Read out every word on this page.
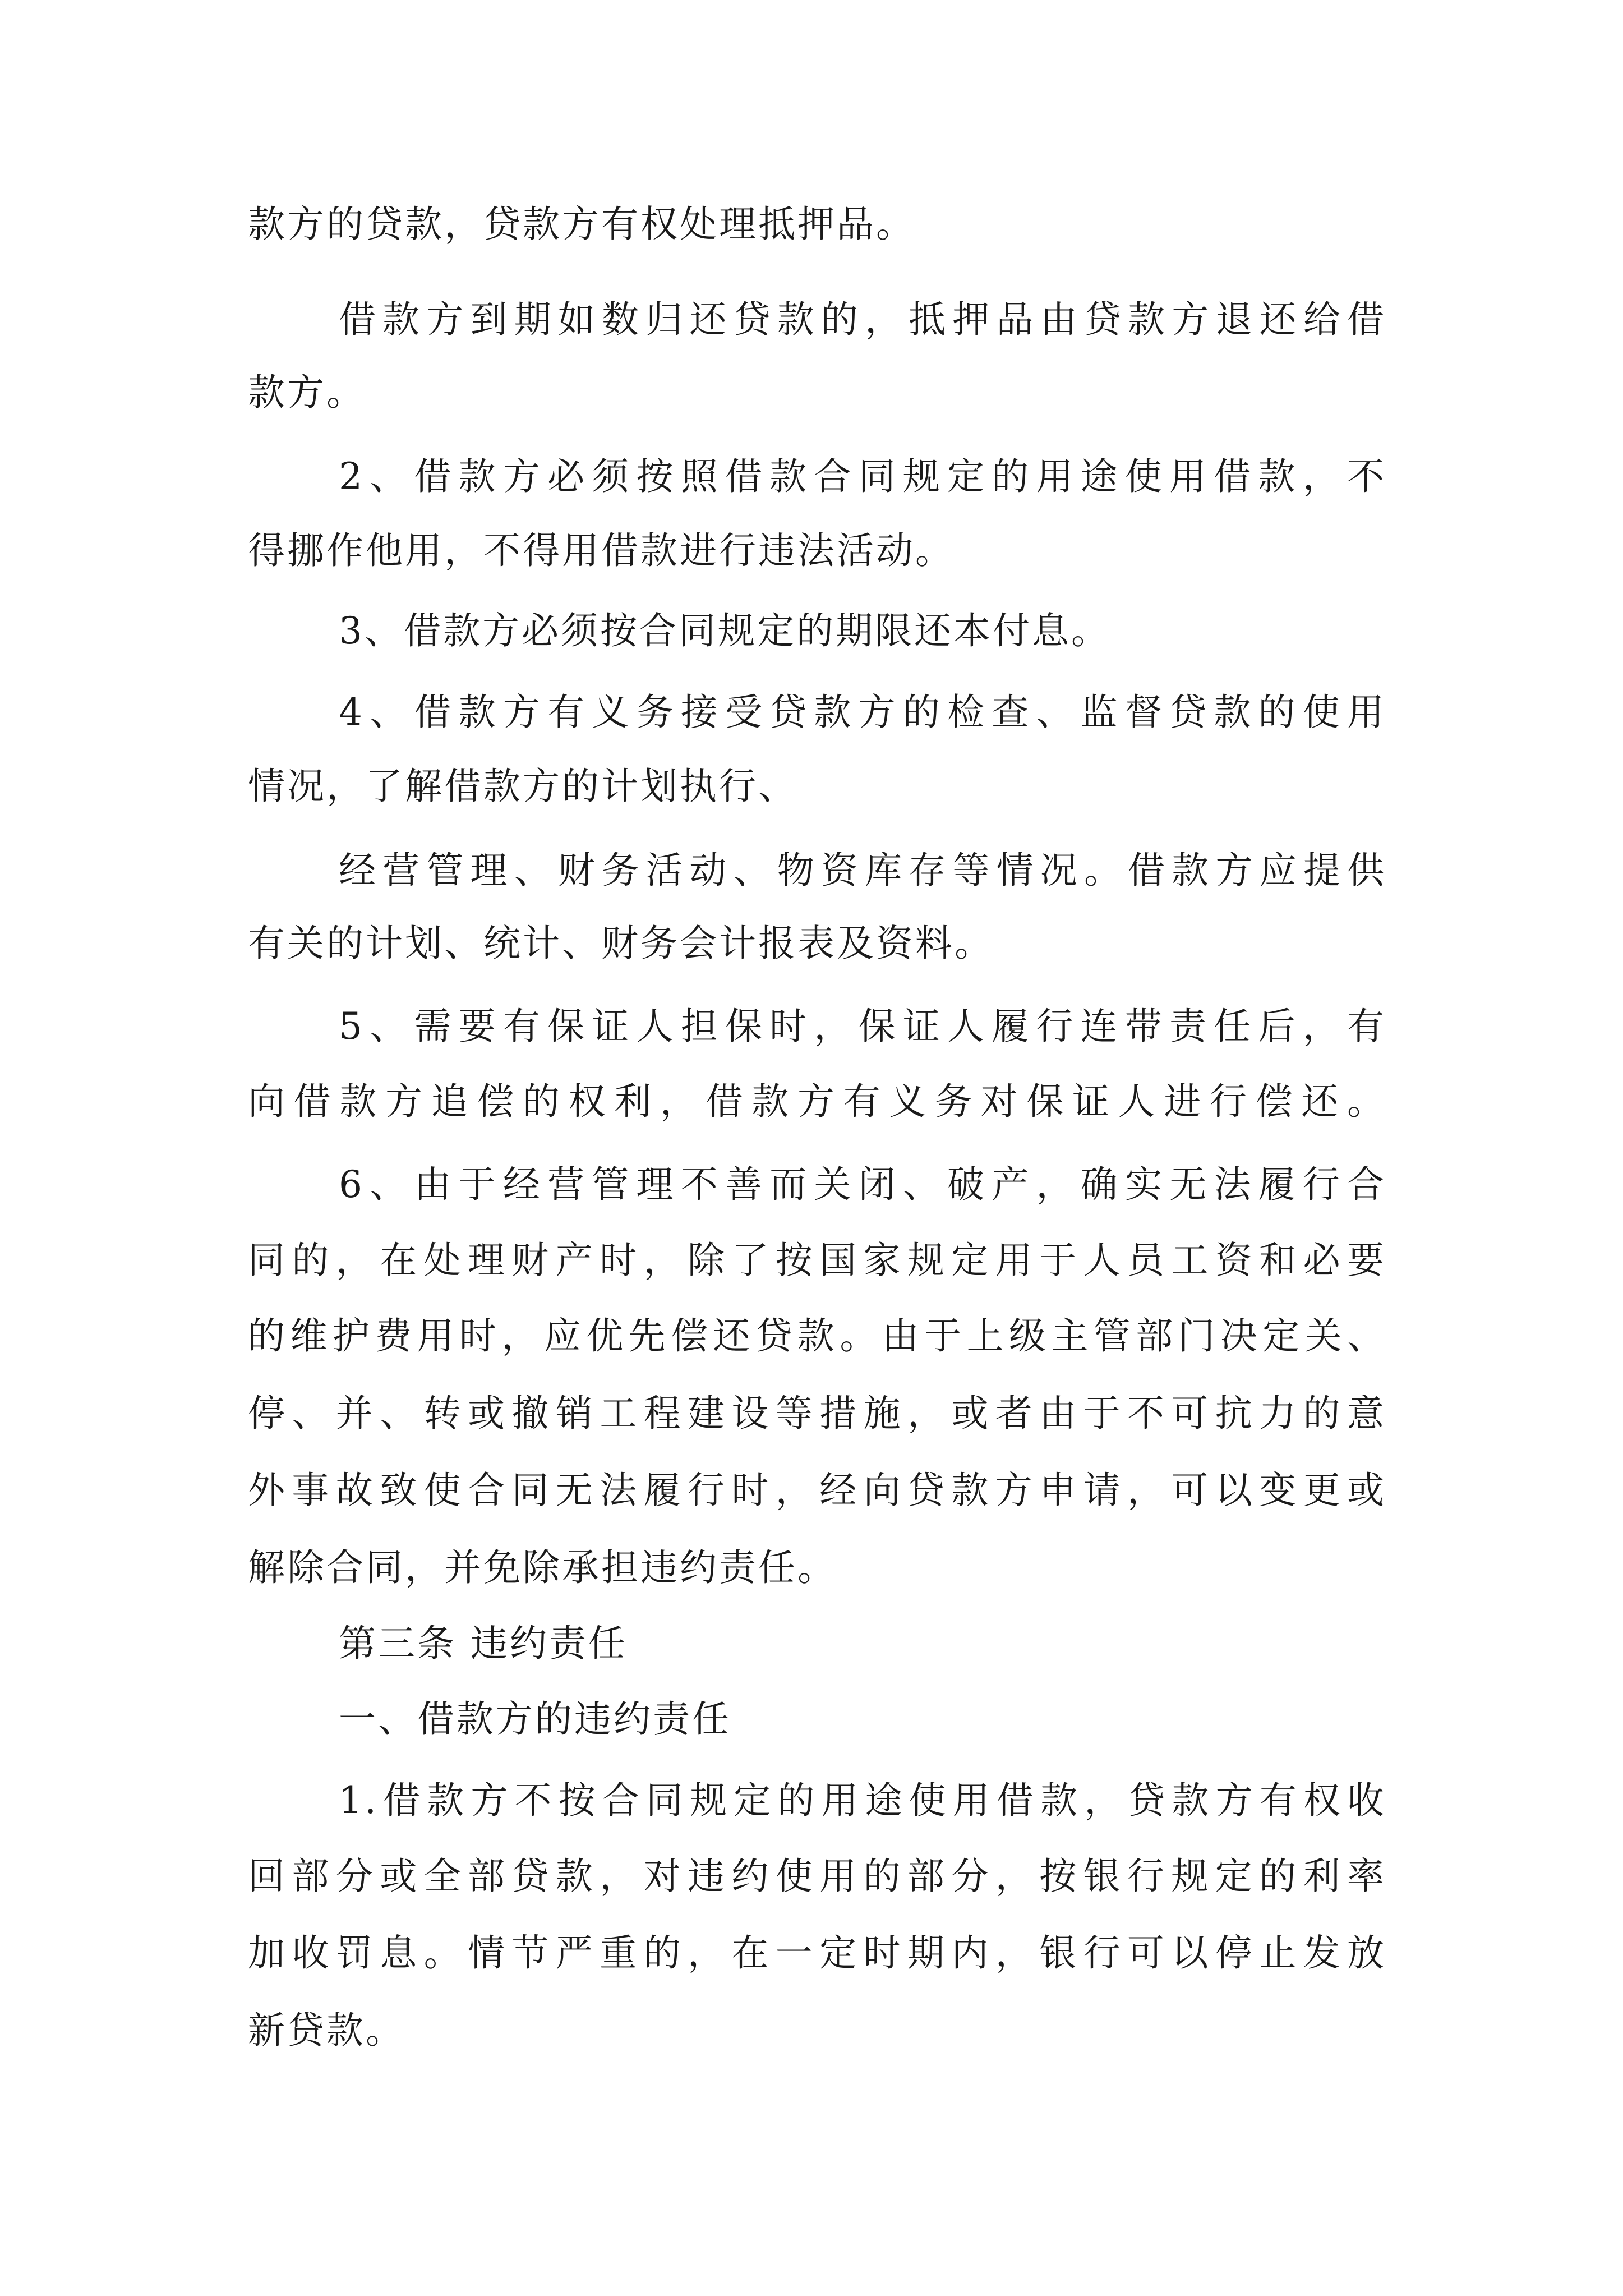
款方的贷款，贷款方有权处理抵押品。
借款方到期如数归还贷款的，抵押品由贷款方退还给借
款方。
2、借款方必须按照借款合同规定的用途使用借款，不
得挪作他用，不得用借款进行违法活动。
3、借款方必须按合同规定的期限还本付息。
4、借款方有义务接受贷款方的检查、监督贷款的使用
情况，了解借款方的计划执行、
经营管理、财务活动、物资库存等情况。借款方应提供
有关的计划、统计、财务会计报表及资料。
5、需要有保证人担保时，保证人履行连带责任后，有
向借款方追偿的权利，借款方有义务对保证人进行偿还。
6、由于经营管理不善而关闭、破产，确实无法履行合
同的，在处理财产时，除了按国家规定用于人员工资和必要
的维护费用时，应优先偿还贷款。由于上级主管部门决定关、
停、并、转或撤销工程建设等措施，或者由于不可抗力的意
外事故致使合同无法履行时，经向贷款方申请，可以变更或
解除合同，并免除承担违约责任。
第三条 违约责任
一、借款方的违约责任
1.借款方不按合同规定的用途使用借款，贷款方有权收
回部分或全部贷款，对违约使用的部分，按银行规定的利率
加收罚息。情节严重的，在一定时期内，银行可以停止发放
新贷款。
